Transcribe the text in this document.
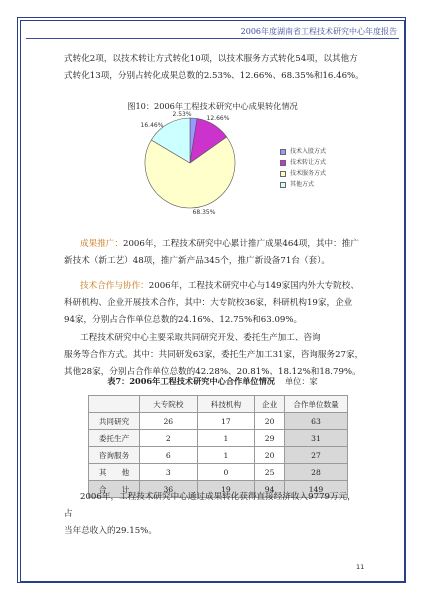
2006年度湖南省工程技术研究中心年度报告
式转化2项，以技术转让方式转化10项，以技术服务方式转化54项，以其他方
式转化13项，分别占转化成果总数的2.53%、12.66%、68.35%和16.46%。
图10：2006年工程技术研究中心成果转化情况
2.53%
12.66%
68.35%
16.46%
技术入股方式
技术转让方式
技术服务方式
其他方式
成果推广：2006年，工程技术研究中心累计推广成果464项，其中：推广
新技术（新工艺）48项，推广新产品345个，推广新设备71台（套）。
技术合作与协作：2006年，工程技术研究中心与149家国内外大专院校、
科研机构、企业开展技术合作，其中：大专院校36家，科研机构19家，企业
94家，分别占合作单位总数的24.16%、12.75%和63.09%。
工程技术研究中心主要采取共同研究开发、委托生产加工、咨询
服务等合作方式。其中：共同研发63家，委托生产加工31家，咨询服务27家，
其他28家，分别占合作单位总数的42.28%、20.81%、18.12%和18.79%。
表7：2006年工程技术研究中心合作单位情况 单位：家
	大专院校	科技机构	企业	合作单位数量
共同研究	26	17	20	63
委托生产	2	1	29	31
咨询服务	6	1	20	27
其　　他	3	0	25	28
合　　计	36	19	94	149
2006年，工程技术研究中心通过成果转化获得直接经济收入9779万元，占
当年总收入的29.15%。
11
